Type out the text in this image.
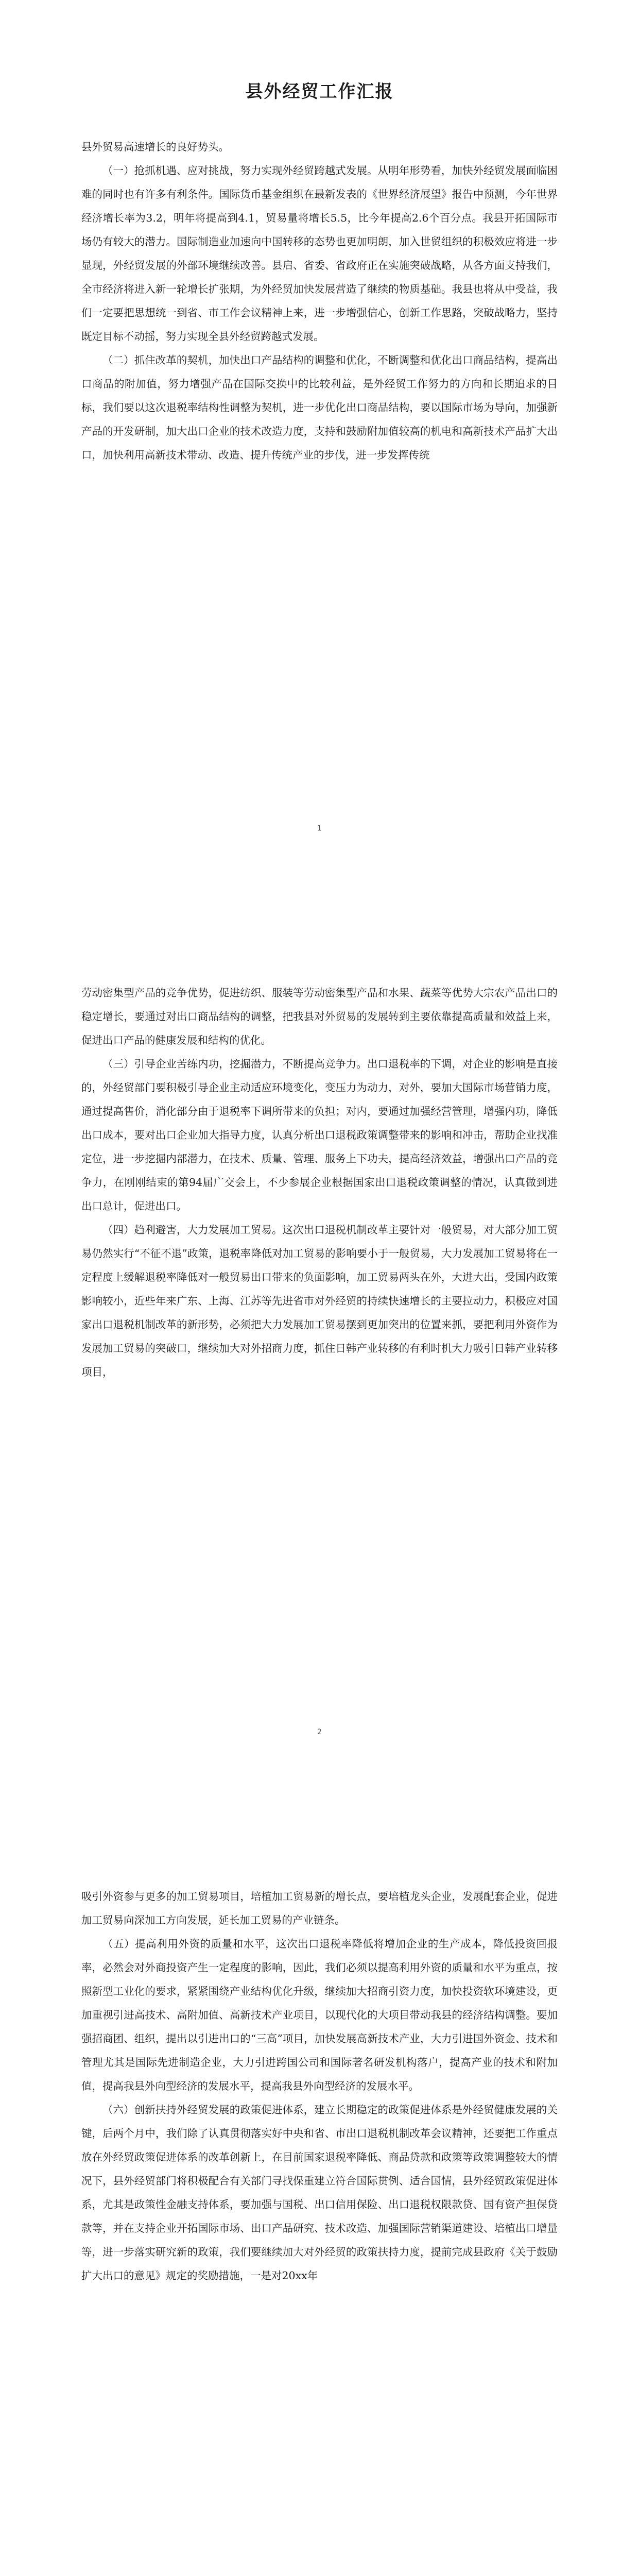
县外经贸工作汇报

县外贸易高速增长的良好势头。

（一）抢抓机遇、应对挑战，努力实现外经贸跨越式发展。从明年形势看，加快外经贸发展面临困难的同时也有许多有利条件。国际货币基金组织在最新发表的《世界经济展望》报告中预测，今年世界经济增长率为3.2，明年将提高到4.1，贸易量将增长5.5，比今年提高2.6个百分点。我县开拓国际市场仍有较大的潜力。国际制造业加速向中国转移的态势也更加明朗，加入世贸组织的积极效应将进一步显现，外经贸发展的外部环境继续改善。县启、省委、省政府正在实施突破战略，从各方面支持我们，全市经济将进入新一轮增长扩张期，为外经贸加快发展营造了继续的物质基础。我县也将从中受益，我们一定要把思想统一到省、市工作会议精神上来，进一步增强信心，创新工作思路，突破战略力，坚持既定目标不动摇，努力实现全县外经贸跨越式发展。

（二）抓住改革的契机，加快出口产品结构的调整和优化，不断调整和优化出口商品结构，提高出口商品的附加值，努力增强产品在国际交换中的比较利益，是外经贸工作努力的方向和长期追求的目标，我们要以这次退税率结构性调整为契机，进一步优化出口商品结构，要以国际市场为导向，加强新产品的开发研制，加大出口企业的技术改造力度，支持和鼓励附加值较高的机电和高新技术产品扩大出口，加快利用高新技术带动、改造、提升传统产业的步伐，进一步发挥传统

1

劳动密集型产品的竞争优势，促进纺织、服装等劳动密集型产品和水果、蔬菜等优势大宗农产品出口的稳定增长，要通过对出口商品结构的调整，把我县对外贸易的发展转到主要依靠提高质量和效益上来，促进出口产品的健康发展和结构的优化。

（三）引导企业苦练内功，挖掘潜力，不断提高竞争力。出口退税率的下调，对企业的影响是直接的，外经贸部门要积极引导企业主动适应环境变化，变压力为动力，对外，要加大国际市场营销力度，通过提高售价，消化部分由于退税率下调所带来的负担；对内，要通过加强经营管理，增强内功，降低出口成本，要对出口企业加大指导力度，认真分析出口退税政策调整带来的影响和冲击，帮助企业找准定位，进一步挖掘内部潜力，在技术、质量、管理、服务上下功夫，提高经济效益，增强出口产品的竞争力，在刚刚结束的第94届广交会上，不少参展企业根据国家出口退税政策调整的情况，认真做到进出口总计，促进出口。

（四）趋利避害，大力发展加工贸易。这次出口退税机制改革主要针对一般贸易，对大部分加工贸易仍然实行“不征不退”政策，退税率降低对加工贸易的影响要小于一般贸易，大力发展加工贸易将在一定程度上缓解退税率降低对一般贸易出口带来的负面影响，加工贸易两头在外，大进大出，受国内政策影响较小，近些年来广东、上海、江苏等先进省市对外经贸的持续快速增长的主要拉动力，积极应对国家出口退税机制改革的新形势，必须把大力发展加工贸易摆到更加突出的位置来抓，要把利用外资作为发展加工贸易的突破口，继续加大对外招商力度，抓住日韩产业转移的有利时机大力吸引日韩产业转移项目，

2

吸引外资参与更多的加工贸易项目，培植加工贸易新的增长点，要培植龙头企业，发展配套企业，促进加工贸易向深加工方向发展，延长加工贸易的产业链条。

（五）提高利用外资的质量和水平，这次出口退税率降低将增加企业的生产成本，降低投资回报率，必然会对外商投资产生一定程度的影响，因此，我们必须以提高利用外资的质量和水平为重点，按照新型工业化的要求，紧紧围绕产业结构优化升级，继续加大招商引资力度，加快投资软环境建设，更加重视引进高技术、高附加值、高新技术产业项目，以现代化的大项目带动我县的经济结构调整。要加强招商团、组织，提出以引进出口的“三高”项目，加快发展高新技术产业，大力引进国外资金、技术和管理尤其是国际先进制造企业，大力引进跨国公司和国际著名研发机构落户，提高产业的技术和附加值，提高我县外向型经济的发展水平，提高我县外向型经济的发展水平。

（六）创新扶持外经贸发展的政策促进体系，建立长期稳定的政策促进体系是外经贸健康发展的关键，后两个月中，我们除了认真贯彻落实好中央和省、市出口退税机制改革会议精神，还要把工作重点放在外经贸政策促进体系的改革创新上，在目前国家退税率降低、商品贷款和政策等政策调整较大的情况下，县外经贸部门将积极配合有关部门寻找保重建立符合国际贯例、适合国情，县外经贸政策促进体系，尤其是政策性金融支持体系，要加强与国税、出口信用保险、出口退税权限款贷、国有资产担保贷款等，并在支持企业开拓国际市场、出口产品研究、技术改造、加强国际营销渠道建设、培植出口增量等，进一步落实研究新的政策，我们要继续加大对外经贸的政策扶持力度，提前完成县政府《关于鼓励扩大出口的意见》规定的奖励措施，一是对20xx年
